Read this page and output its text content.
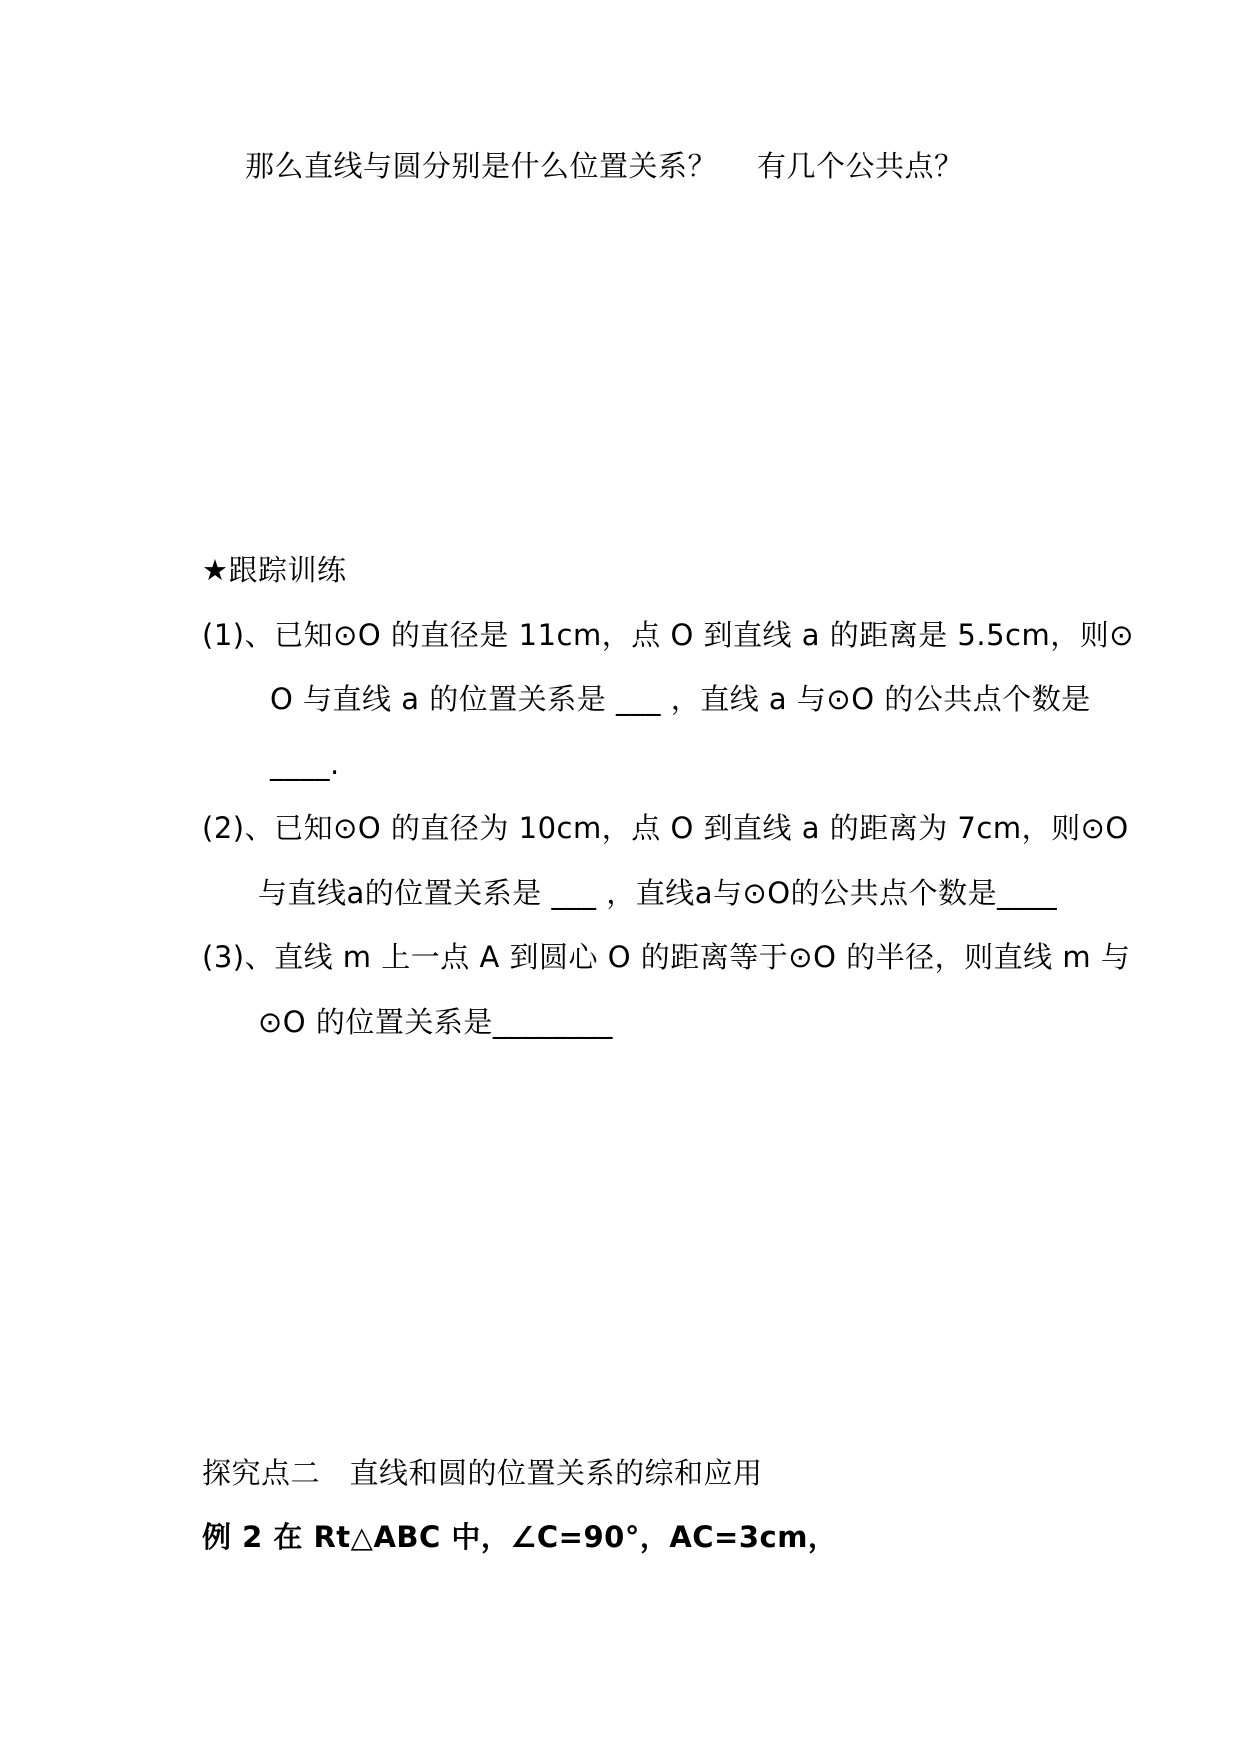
那么直线与圆分别是什么位置关系？ 有几个公共点？
★跟踪训练
(1)、已知⊙O 的直径是 11cm，点 O 到直线 a 的距离是 5.5cm，则⊙
O 与直线 a 的位置关系是 ___ ，直线 a 与⊙O 的公共点个数是
____.
(2)、已知⊙O 的直径为 10cm，点 O 到直线 a 的距离为 7cm，则⊙O
与直线a的位置关系是 ___ ，直线a与⊙O的公共点个数是____
(3)、直线 m 上一点 A 到圆心 O 的距离等于⊙O 的半径，则直线 m 与
⊙O 的位置关系是________
探究点二　直线和圆的位置关系的综和应用
例 2 在 Rt△ABC 中，∠C=90°，AC=3cm，
